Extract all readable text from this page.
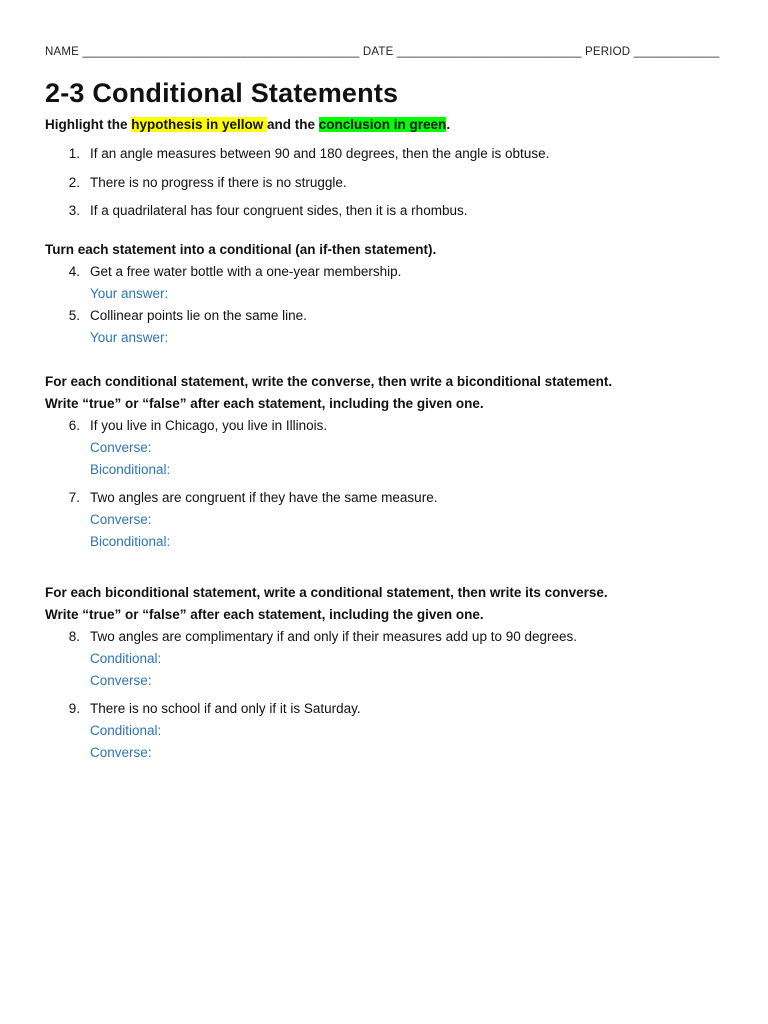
NAME __________________________________________ DATE ____________________________ PERIOD _____________
2-3 Conditional Statements
Highlight the hypothesis in yellow and the conclusion in green.
1. If an angle measures between 90 and 180 degrees, then the angle is obtuse.
2. There is no progress if there is no struggle.
3. If a quadrilateral has four congruent sides, then it is a rhombus.
Turn each statement into a conditional (an if-then statement).
4. Get a free water bottle with a one-year membership.
Your answer:
5. Collinear points lie on the same line.
Your answer:
For each conditional statement, write the converse, then write a biconditional statement.
Write “true” or “false” after each statement, including the given one.
6. If you live in Chicago, you live in Illinois.
Converse:
Biconditional:
7. Two angles are congruent if they have the same measure.
Converse:
Biconditional:
For each biconditional statement, write a conditional statement, then write its converse.
Write “true” or “false” after each statement, including the given one.
8. Two angles are complimentary if and only if their measures add up to 90 degrees.
Conditional:
Converse:
9. There is no school if and only if it is Saturday.
Conditional:
Converse:
